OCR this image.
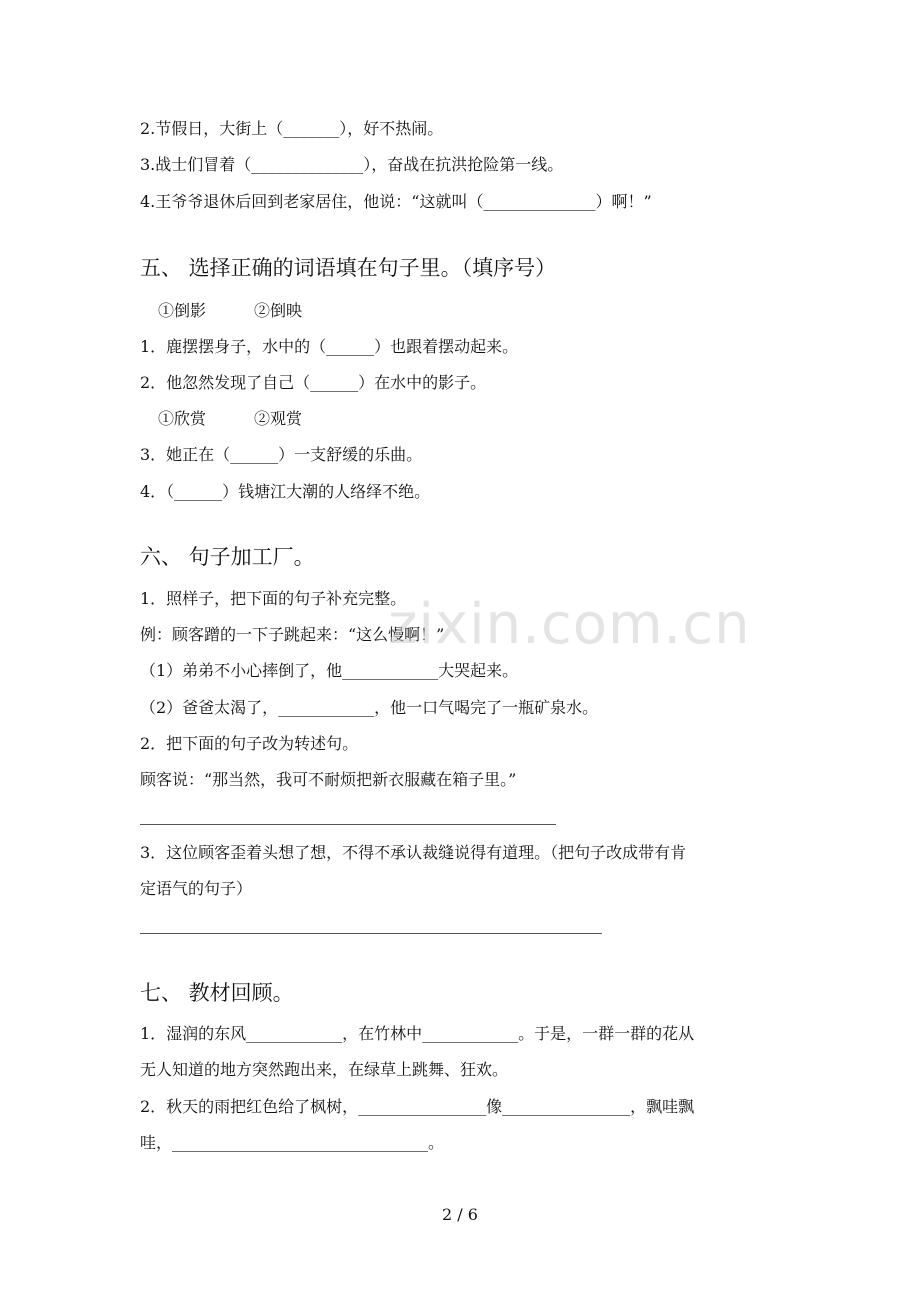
2.节假日，大街上（_______），好不热闹。
3.战士们冒着（______________），奋战在抗洪抢险第一线。
4.王爷爷退休后回到老家居住，他说：“这就叫（______________）啊！”
五、 选择正确的词语填在句子里。（填序号）
①倒影　　　②倒映
1．鹿摆摆身子，水中的（______）也跟着摆动起来。
2．他忽然发现了自己（______）在水中的影子。
①欣赏　　　②观赏
3．她正在（______）一支舒缓的乐曲。
4．（______）钱塘江大潮的人络绎不绝。
六、 句子加工厂。
1．照样子，把下面的句子补充完整。
例：顾客蹭的一下子跳起来：“这么慢啊！”
（1）弟弟不小心摔倒了，他____________大哭起来。
（2）爸爸太渴了，____________，他一口气喝完了一瓶矿泉水。
2．把下面的句子改为转述句。
顾客说：“那当然，我可不耐烦把新衣服藏在箱子里。”
3．这位顾客歪着头想了想，不得不承认裁缝说得有道理。（把句子改成带有肯
定语气的句子）
七、 教材回顾。
1．湿润的东风____________，在竹林中____________。于是，一群一群的花从
无人知道的地方突然跑出来，在绿草上跳舞、狂欢。
2．秋天的雨把红色给了枫树，________________像________________，飘哇飘
哇，________________________________。
zixin.com.cn
2 / 6
